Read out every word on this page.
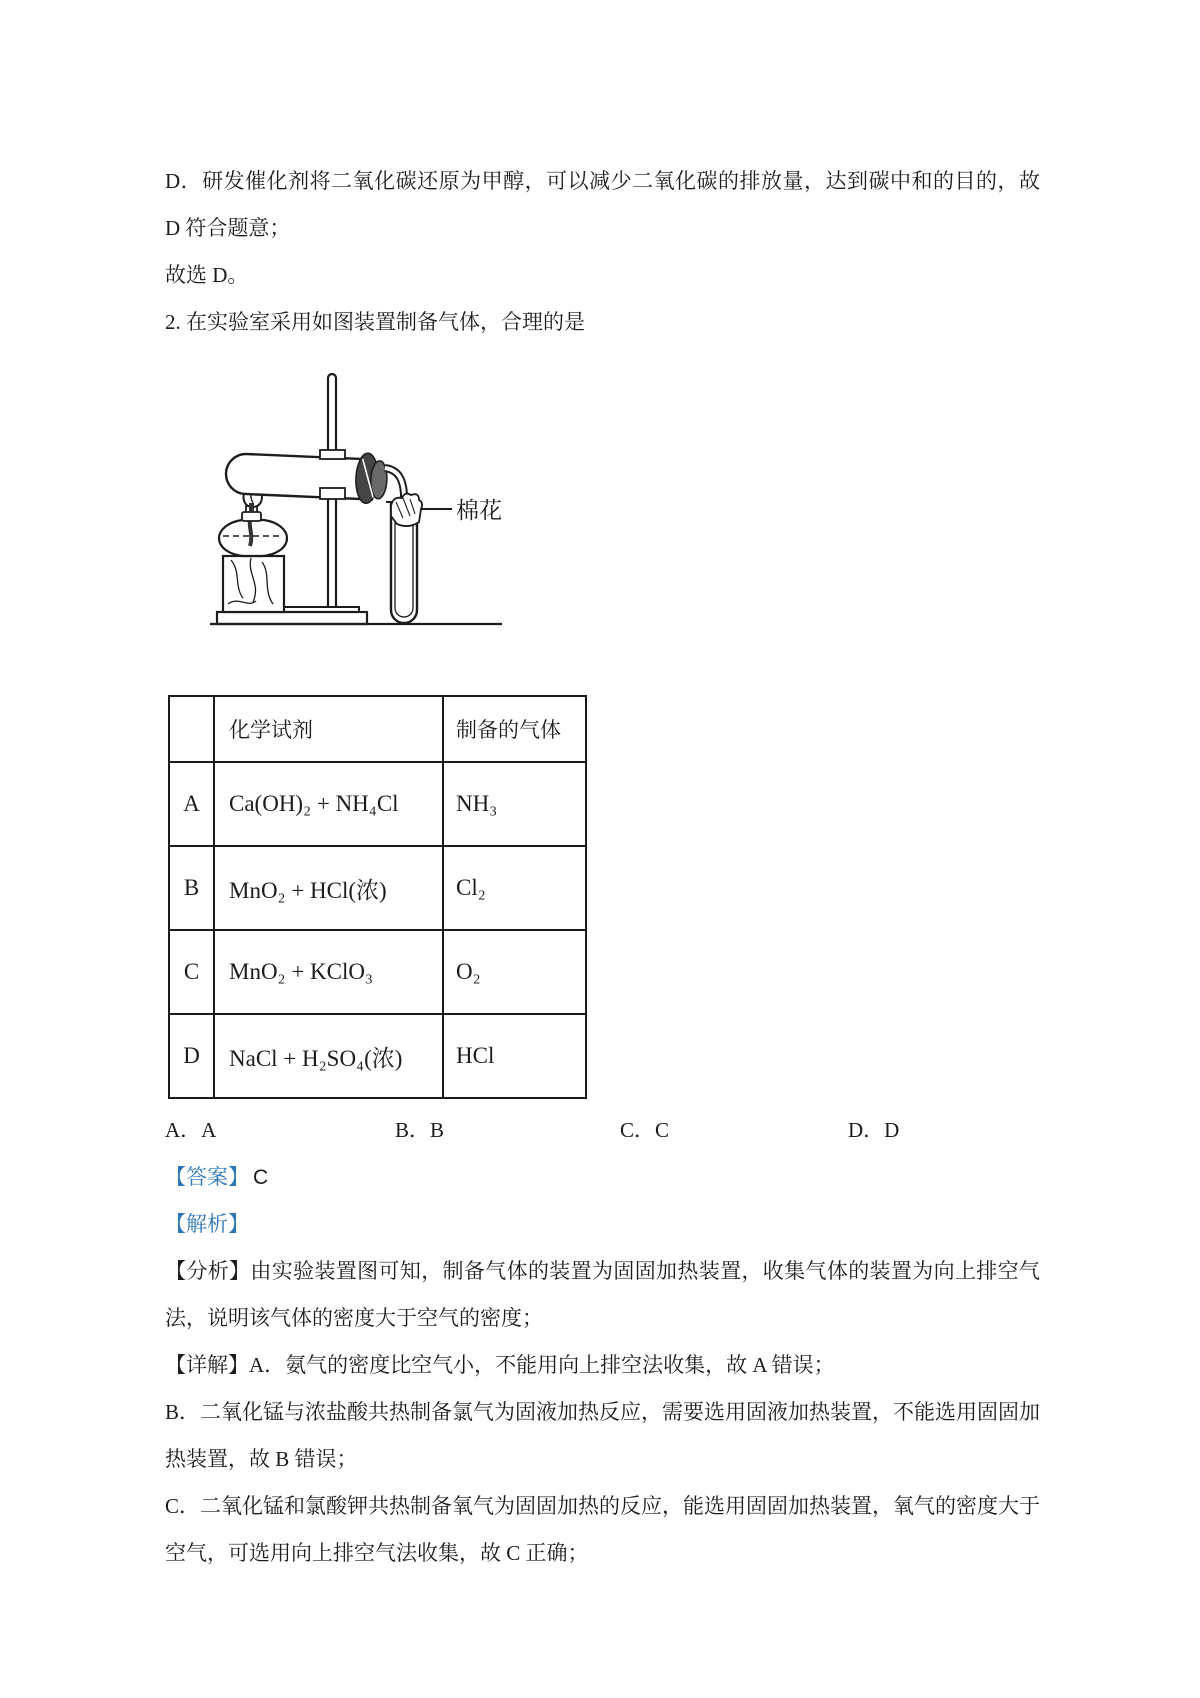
D．研发催化剂将二氧化碳还原为甲醇，可以减少二氧化碳的排放量，达到碳中和的目的，故 D 符合题意；

故选 D。

2. 在实验室采用如图装置制备气体，合理的是

棉花
	化学试剂	制备的气体
A	Ca(OH)₂ + NH₄Cl	NH₃
B	MnO₂ + HCl(浓)	Cl₂
C	MnO₂ + KClO₃	O₂
D	NaCl + H₂SO₄(浓)	HCl
A．A	B．B	C．C	D．D

【答案】 C

【解析】

【分析】由实验装置图可知，制备气体的装置为固固加热装置，收集气体的装置为向上排空气法，说明该气体的密度大于空气的密度；

【详解】A．氨气的密度比空气小，不能用向上排空法收集，故 A 错误；

B．二氧化锰与浓盐酸共热制备氯气为固液加热反应，需要选用固液加热装置，不能选用固固加热装置，故 B 错误；

C．二氧化锰和氯酸钾共热制备氧气为固固加热的反应，能选用固固加热装置，氧气的密度大于空气，可选用向上排空气法收集，故 C 正确；
